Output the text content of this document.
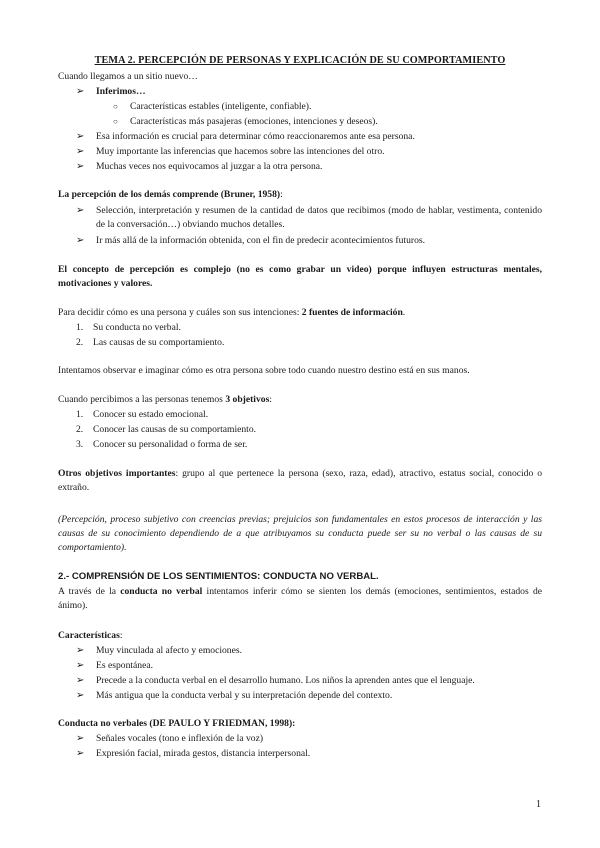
TEMA 2. PERCEPCIÓN DE PERSONAS Y EXPLICACIÓN DE SU COMPORTAMIENTO
Cuando llegamos a un sitio nuevo…
➢ Inferimos…
○ Características estables (inteligente, confiable).
○ Características más pasajeras (emociones, intenciones y deseos).
➢ Esa información es crucial para determinar cómo reaccionaremos ante esa persona.
➢ Muy importante las inferencias que hacemos sobre las intenciones del otro.
➢ Muchas veces nos equivocamos al juzgar a la otra persona.
La percepción de los demás comprende (Bruner, 1958):
➢ Selección, interpretación y resumen de la cantidad de datos que recibimos (modo de hablar, vestimenta, contenido de la conversación…) obviando muchos detalles.
➢ Ir más allá de la información obtenida, con el fin de predecir acontecimientos futuros.
El concepto de percepción es complejo (no es como grabar un video) porque influyen estructuras mentales, motivaciones y valores.
Para decidir cómo es una persona y cuáles son sus intenciones: 2 fuentes de información.
1. Su conducta no verbal.
2. Las causas de su comportamiento.
Intentamos observar e imaginar cómo es otra persona sobre todo cuando nuestro destino está en sus manos.
Cuando percibimos a las personas tenemos 3 objetivos:
1. Conocer su estado emocional.
2. Conocer las causas de su comportamiento.
3. Conocer su personalidad o forma de ser.
Otros objetivos importantes: grupo al que pertenece la persona (sexo, raza, edad), atractivo, estatus social, conocido o extraño.
(Percepción, proceso subjetivo con creencias previas; prejuicios son fundamentales en estos procesos de interacción y las causas de su conocimiento dependiendo de a que atribuyamos su conducta puede ser su no verbal o las causas de su comportamiento).
2.- COMPRENSIÓN DE LOS SENTIMIENTOS: CONDUCTA NO VERBAL.
A través de la conducta no verbal intentamos inferir cómo se sienten los demás (emociones, sentimientos, estados de ánimo).
Características:
➢ Muy vinculada al afecto y emociones.
➢ Es espontánea.
➢ Precede a la conducta verbal en el desarrollo humano. Los niños la aprenden antes que el lenguaje.
➢ Más antigua que la conducta verbal y su interpretación depende del contexto.
Conducta no verbales (DE PAULO Y FRIEDMAN, 1998):
➢ Señales vocales (tono e inflexión de la voz)
➢ Expresión facial, mirada gestos, distancia interpersonal.
1
